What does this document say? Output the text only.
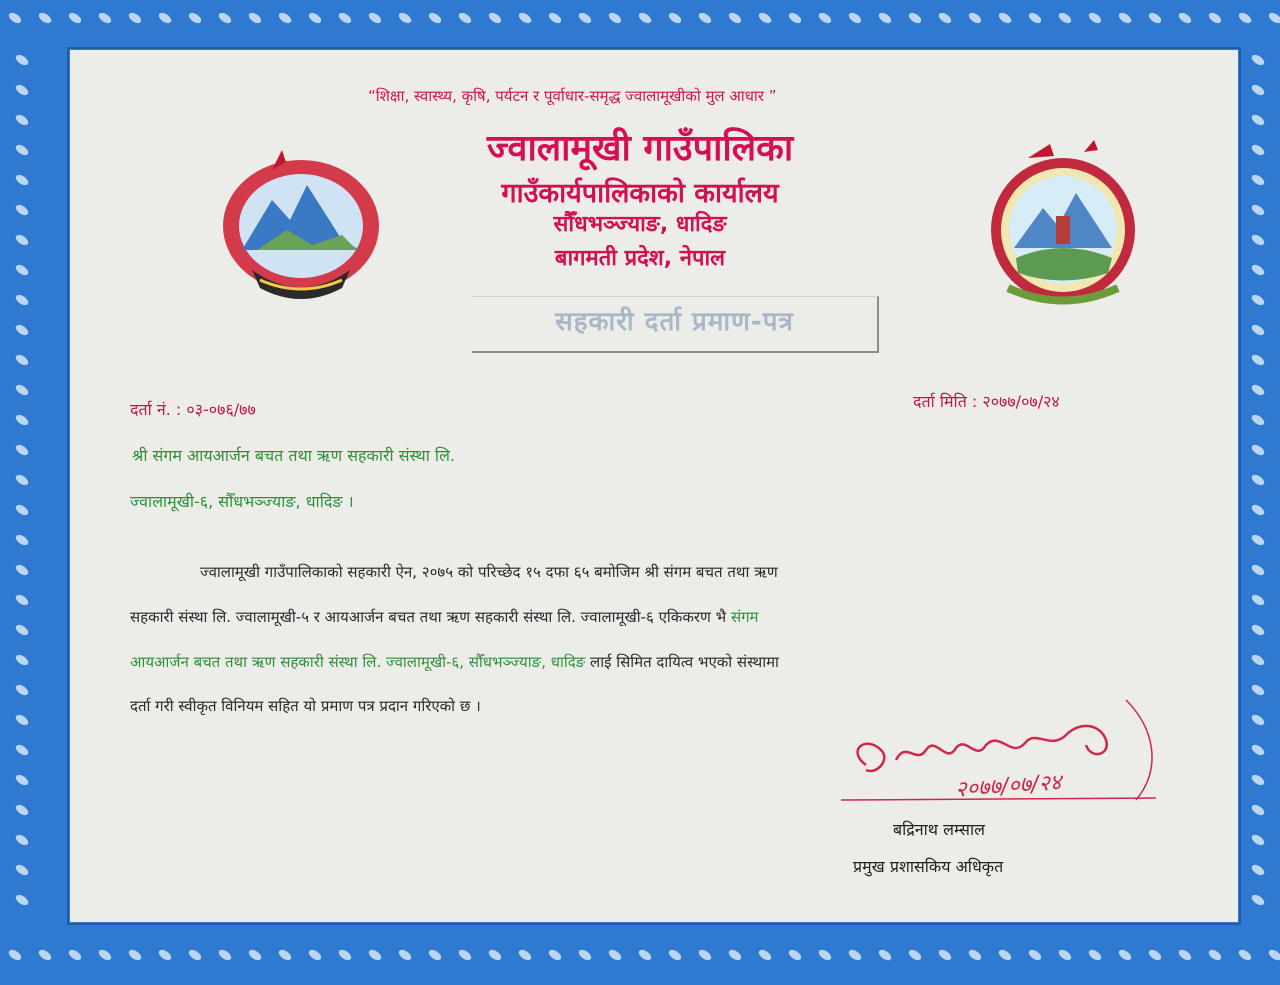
“शिक्षा, स्वास्थ्य, कृषि, पर्यटन र पूर्वाधार-समृद्ध ज्वालामूखीको मुल आधार ”
ज्वालामूखी गाउँपालिका
गाउँकार्यपालिकाको कार्यालय
सौँधभञ्ज्याङ, धादिङ
बागमती प्रदेश, नेपाल
सहकारी दर्ता प्रमाण-पत्र
दर्ता नं. : ०३-०७६/७७	दर्ता मिति : २०७७/०७/२४
श्री संगम आयआर्जन बचत तथा ऋण सहकारी संस्था लि.
ज्वालामूखी-६, सौँधभञ्ज्याङ, धादिङ ।
ज्वालामूखी गाउँपालिकाको सहकारी ऐन, २०७५ को परिच्छेद १५ दफा ६५ बमोजिम श्री संगम बचत तथा ऋण
सहकारी संस्था लि. ज्वालामूखी-५ र आयआर्जन बचत तथा ऋण सहकारी संस्था लि. ज्वालामूखी-६ एकिकरण भै संगम
आयआर्जन बचत तथा ऋण सहकारी संस्था लि. ज्वालामूखी-६, सौँधभञ्ज्याङ, धादिङ लाई सिमित दायित्व भएको संस्थामा
दर्ता गरी स्वीकृत विनियम सहित यो प्रमाण पत्र प्रदान गरिएको छ ।
२०७७/०७/२४
बद्रिनाथ लम्साल
प्रमुख प्रशासकिय अधिकृत
